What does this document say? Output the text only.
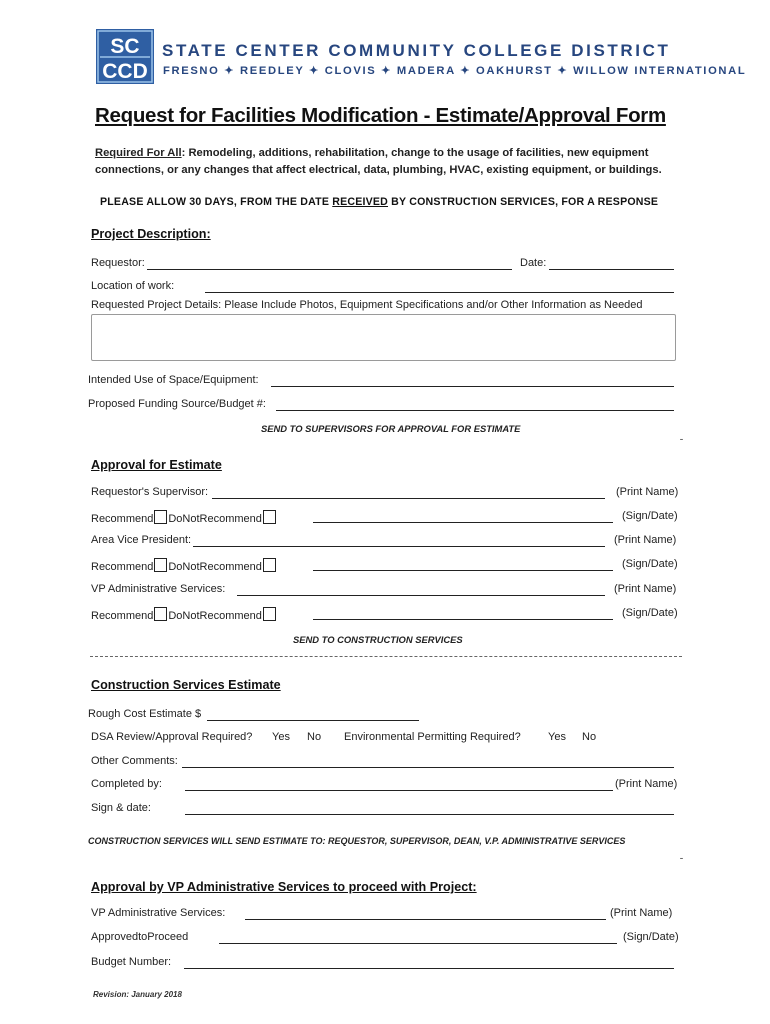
SC
CCD
STATE CENTER COMMUNITY COLLEGE DISTRICT
FRESNO ✦ REEDLEY ✦ CLOVIS ✦ MADERA ✦ OAKHURST ✦ WILLOW INTERNATIONAL
Request for Facilities Modification - Estimate/Approval Form
Required For All: Remodeling, additions, rehabilitation, change to the usage of facilities, new equipment connections, or any changes that affect electrical, data, plumbing, HVAC, existing equipment, or buildings.
PLEASE ALLOW 30 DAYS, FROM THE DATE RECEIVED BY CONSTRUCTION SERVICES, FOR A RESPONSE
Project Description:
Requestor:	Date:
Location of work:
Requested Project Details: Please Include Photos, Equipment Specifications and/or Other Information as Needed
Intended Use of Space/Equipment:
Proposed Funding Source/Budget #:
SEND TO SUPERVISORS FOR APPROVAL FOR ESTIMATE
˗
Approval for Estimate
Requestor's Supervisor:	(Print Name)
Recommend DoNotRecommend	(Sign/Date)
Area Vice President:	(Print Name)
Recommend DoNotRecommend	(Sign/Date)
VP Administrative Services:	(Print Name)
Recommend DoNotRecommend	(Sign/Date)
SEND TO CONSTRUCTION SERVICES
Construction Services Estimate
Rough Cost Estimate $
DSA Review/Approval Required? Yes No Environmental Permitting Required? Yes No
Other Comments:
Completed by:	(Print Name)
Sign & date:
CONSTRUCTION SERVICES WILL SEND ESTIMATE TO: REQUESTOR, SUPERVISOR, DEAN, V.P. ADMINISTRATIVE SERVICES
˗
Approval by VP Administrative Services to proceed with Project:
VP Administrative Services:	(Print Name)
ApprovedtoProceed	(Sign/Date)
Budget Number:
Revision: January 2018
